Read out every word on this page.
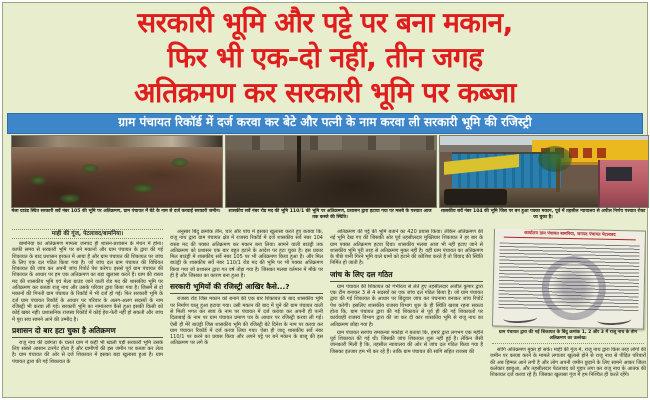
सरकारी भूमि और पट्टे पर बना मकान,
फिर भी एक-दो नहीं, तीन जगह
अतिक्रमण कर सरकारी भूमि पर कब्जा
ग्राम पंचायत रिकॉर्ड में दर्ज करवा कर बेटे और पत्नी के नाम करवा ली सरकारी भूमि की रजिस्ट्री
मेला ग्राउंड स्थित सरकारी सर्वे नंबर 105 की भूमि पर अतिक्रमण, ग्राम पंचायत में बेटे के नाम से दर्ज करवाई सरकारी जमीन।	शासकीय सर्वे नंबर रोड मद की भूमि 110/1 की भूमि पर अतिक्रमण, प्रशासन द्वारा हटाया गया पर मलबे के पश्चात आज तक कब्जे की स्थिति।
शासकीय सर्वे नंबर 104 की भूमि जिस पर बन हुआ पक्का मकान, पूर्व में तहसील न्यायालय से अपील निर्णय पश्चात रोका जा चुका है।
माही की गूंज, पेटलावद/बामनिया।

बामनिया का अतिक्रमण मामला जनपद ही शासन-प्रशासन के मंथन में होना। काफी समय से सरकारी भूमि पर बने मकानों और ग्राम पंचायत के द्वारा की गई शिकायत के बाद प्रशासन हरकत में आया है और ग्राम पंचायत की शिकायत पर जांच के लिए एक दल गठित किया गया है। जो जांच दल ग्राम पंचायत की विधिवत शिकायत की जांच कर अपनी जांच रिपोर्ट पेश करेगा। इससे पूर्व ग्राम पंचायत की शिकायत के आधार पर हम एक अतिक्रमण का बड़ा खुलासा करते हैं। ग्राम की रास्ता मद की शासकीय भूमि एवं मेला ग्राउंड जाने वाली रोड मद की शासकीय भूमि पर अतिक्रमण कर कब्जा राजू नाथ और उसके परिवार द्वारा किया गया है। जिसमें से दो मकानों की गिनती ग्राम पंचायत के रिकॉर्ड में भी दर्ज हो गई। फिर सरकारी भूमि के दर्ज ग्राम पंचायत रिकॉर्ड के आधार पर परिवार के अलग-अलग सदस्यों के नाम रजिस्ट्री भी करवा ली गई। सरकारी भूमि का नामांतरण कैसे हुआ इसकी किसी को कोई खबर नहीं। प्रशासनिक राजस्व रिकॉर्ड में कोई हेरा-फेरी नहीं हो सकती और जांच में पूरा सच सामने आने की उम्मीद है।

प्रशासन दो बार हटा चुका है अतिक्रमण

राजू नाथ की दबंगता के चलते ग्राम में कहीं भी खाली पड़ी सरकारी भूमि उसके लिए सबसे आसान टारगेट होता है और ग्रामीणों की इस जमीन पर कब्जा कर लेता है। ग्राम पंचायत की ओर से दर्ज शिकायत में इसका बड़ा खुलासा हुआ है। ग्राम पंचायत द्वारा की गई शिकायत के

अनुसार बिंदु क्रमांक तीन, चार और पांच में इसका खुलासा करते हुए बताया कि, राजू नाथ द्वारा ग्राम पंचायत क्षेत्र में राजस्व रिकॉर्ड में दर्ज शासकीय सर्वे नंबर 104 रास्ता मद की पक्का अतिक्रमण कर मकान बना लिया। सामने वाली बाउंड्री तक अतिक्रमण को प्रशासन एक बार बहुत हटाने के आदेश पर हटा चुका है। इस प्रकार मिल बाउंड्री में शासकीय सर्वे नंबर 105 पर भी अतिक्रमण किया हुआ है। और मिल बाउंड्री के शासकीय सर्वे नंबर 110/1 रोड मद की भूमि पर भी पक्का अतिक्रमण किया गया जो प्रशासन द्वारा गत वर्ष तोड़ा गया है। जिसका मलबा वर्तमान में मौके पर ही है और जिसका का कारण बना हुआ है।

सरकारी भूमियों की रजिस्ट्री आखिर कैसे...?

राजस्व रोड जिस मकान को बनाने की एक बार शिकायत के बाद शासकीय भूमि पर निर्माण चालू हुआ हटाया गया। उसी मकान की बाद में चुने की ग्राम पंचायत वाली से मिली भगत कर स्वयं के नाम पर पंचायत में दर्ज कराया कर अपनी ही पत्नी दिलाबाई के नाम पर ग्राम पंचायत प्रमाण पत्र के आधार पर रजिस्ट्री करवा ली गई। ऐसी ही मेरे बाउंड्री जिस शासकीय भूमि की रजिस्ट्री बेटे दिनेश के नाम पर करवा कर ग्राम पंचायत रिकॉर्ड में दर्ज करवा लिया गया। ऐसा ही जादू शासकीय सर्वे नंबर 110/1 पर करने का प्रयास किया और अपने पट्टे पर बने मकान के बाजू की इस अतिक्रमण पर लगे के

अतिक्रमण की पट्टे की भूमि बताने का 420 प्रयास किया। लेकिन अतिक्रमण की नई भूमि देख गए की जिसकी ओर पूर्व तहसीलदार मुख्तियार शिकायत ने हर बार के ग्राम पक्का अतिक्रमण हटवा दिया। शासकीय मलबा आज भी नहीं हटाए जाने से शासकीय भूमि पूरी तरह से अतिक्रमण मुक्त नहीं है। वहीं ग्राम पंचायत का अतिक्रमण के पीछे पानी गिरने भूमि वाले ग्रामों को हटाने की कोशिश करते हैं तो विवाद की स्थिति निर्मित हो जाती है।

जांच के लिए दल गठित

ग्राम पंचायत की शिकायत को गंभीरता से लेते हुए तहसीलदार अजीत कुमार द्वारा एक टीम बनाकर 3 से 4 सदस्यों का एक जांच दल गठित किया है। जो ग्राम पंचायत द्वारा की गई शिकायत के आधार पर बिंदुवार जांच कर पंचनामा बनाकर जांच रिपोर्ट पेश करेगी। इसलिए शासकीय राजस्व विभाग शुरू के ही स्थिति खराब रहना सकता होता कि, ग्राम पंचायत द्वारा की गई शिकायत से पूर्व ही की गई शिकायतों पर कार्यवाही राजस्व विभाग द्वारा की जा कर दी कार शासकीय भूमि से राजू नाथ का अतिक्रमण छोड़ा गया है।

ग्राम पंचायत सरपंच रामकन्या मकोड़ा ने बताया कि, हमारे द्वारा लगभग एक महीने पूर्व शिकायत की गई थी। जिसकी जांच शिकायत शुरू नहीं हुई है। लेकिन जैसी जानकारी मिली है कि, तहसील न्यायालय की ओर से जांच दल गठित किया गया है जिसका इंतजार हम भी कर रहे हैं। ताकि ग्राम पंचायत की सांगि सहित राजस्व की

कार्यालय ग्राम पंचायत बामनिया, जनपद पंचायत पेटलावद
ग्राम पंचायत द्वारा की गई शिकायत के बिंदु क्रमांक 1, 2 और 3 में राजू नाथ के तीन अतिक्रमण का उल्लेख।

सांगि अतिक्रमण मुक्त हो सके। माही की गूंज में, राजू नाथ द्वारा किस तरह लोगों की जमीन पर कब्जा करने के मामले लगातार खुलासे होने से राजू नाथ से पीड़ित परिवारों की अब हिम्मत आने लगी है और लोग अपनी जमीन छुड़ाने के लिए सामने आकर जिला कलेक्टर झाबुआ, और तहसीलदार पेटलावद को गुहार लगा कर राजू नाथ के आतंक की शिकायत दर्ज करवा रहे हैं। जिसका खुलासा गूंज में हम निश्चित ही करते रहेंगे।
